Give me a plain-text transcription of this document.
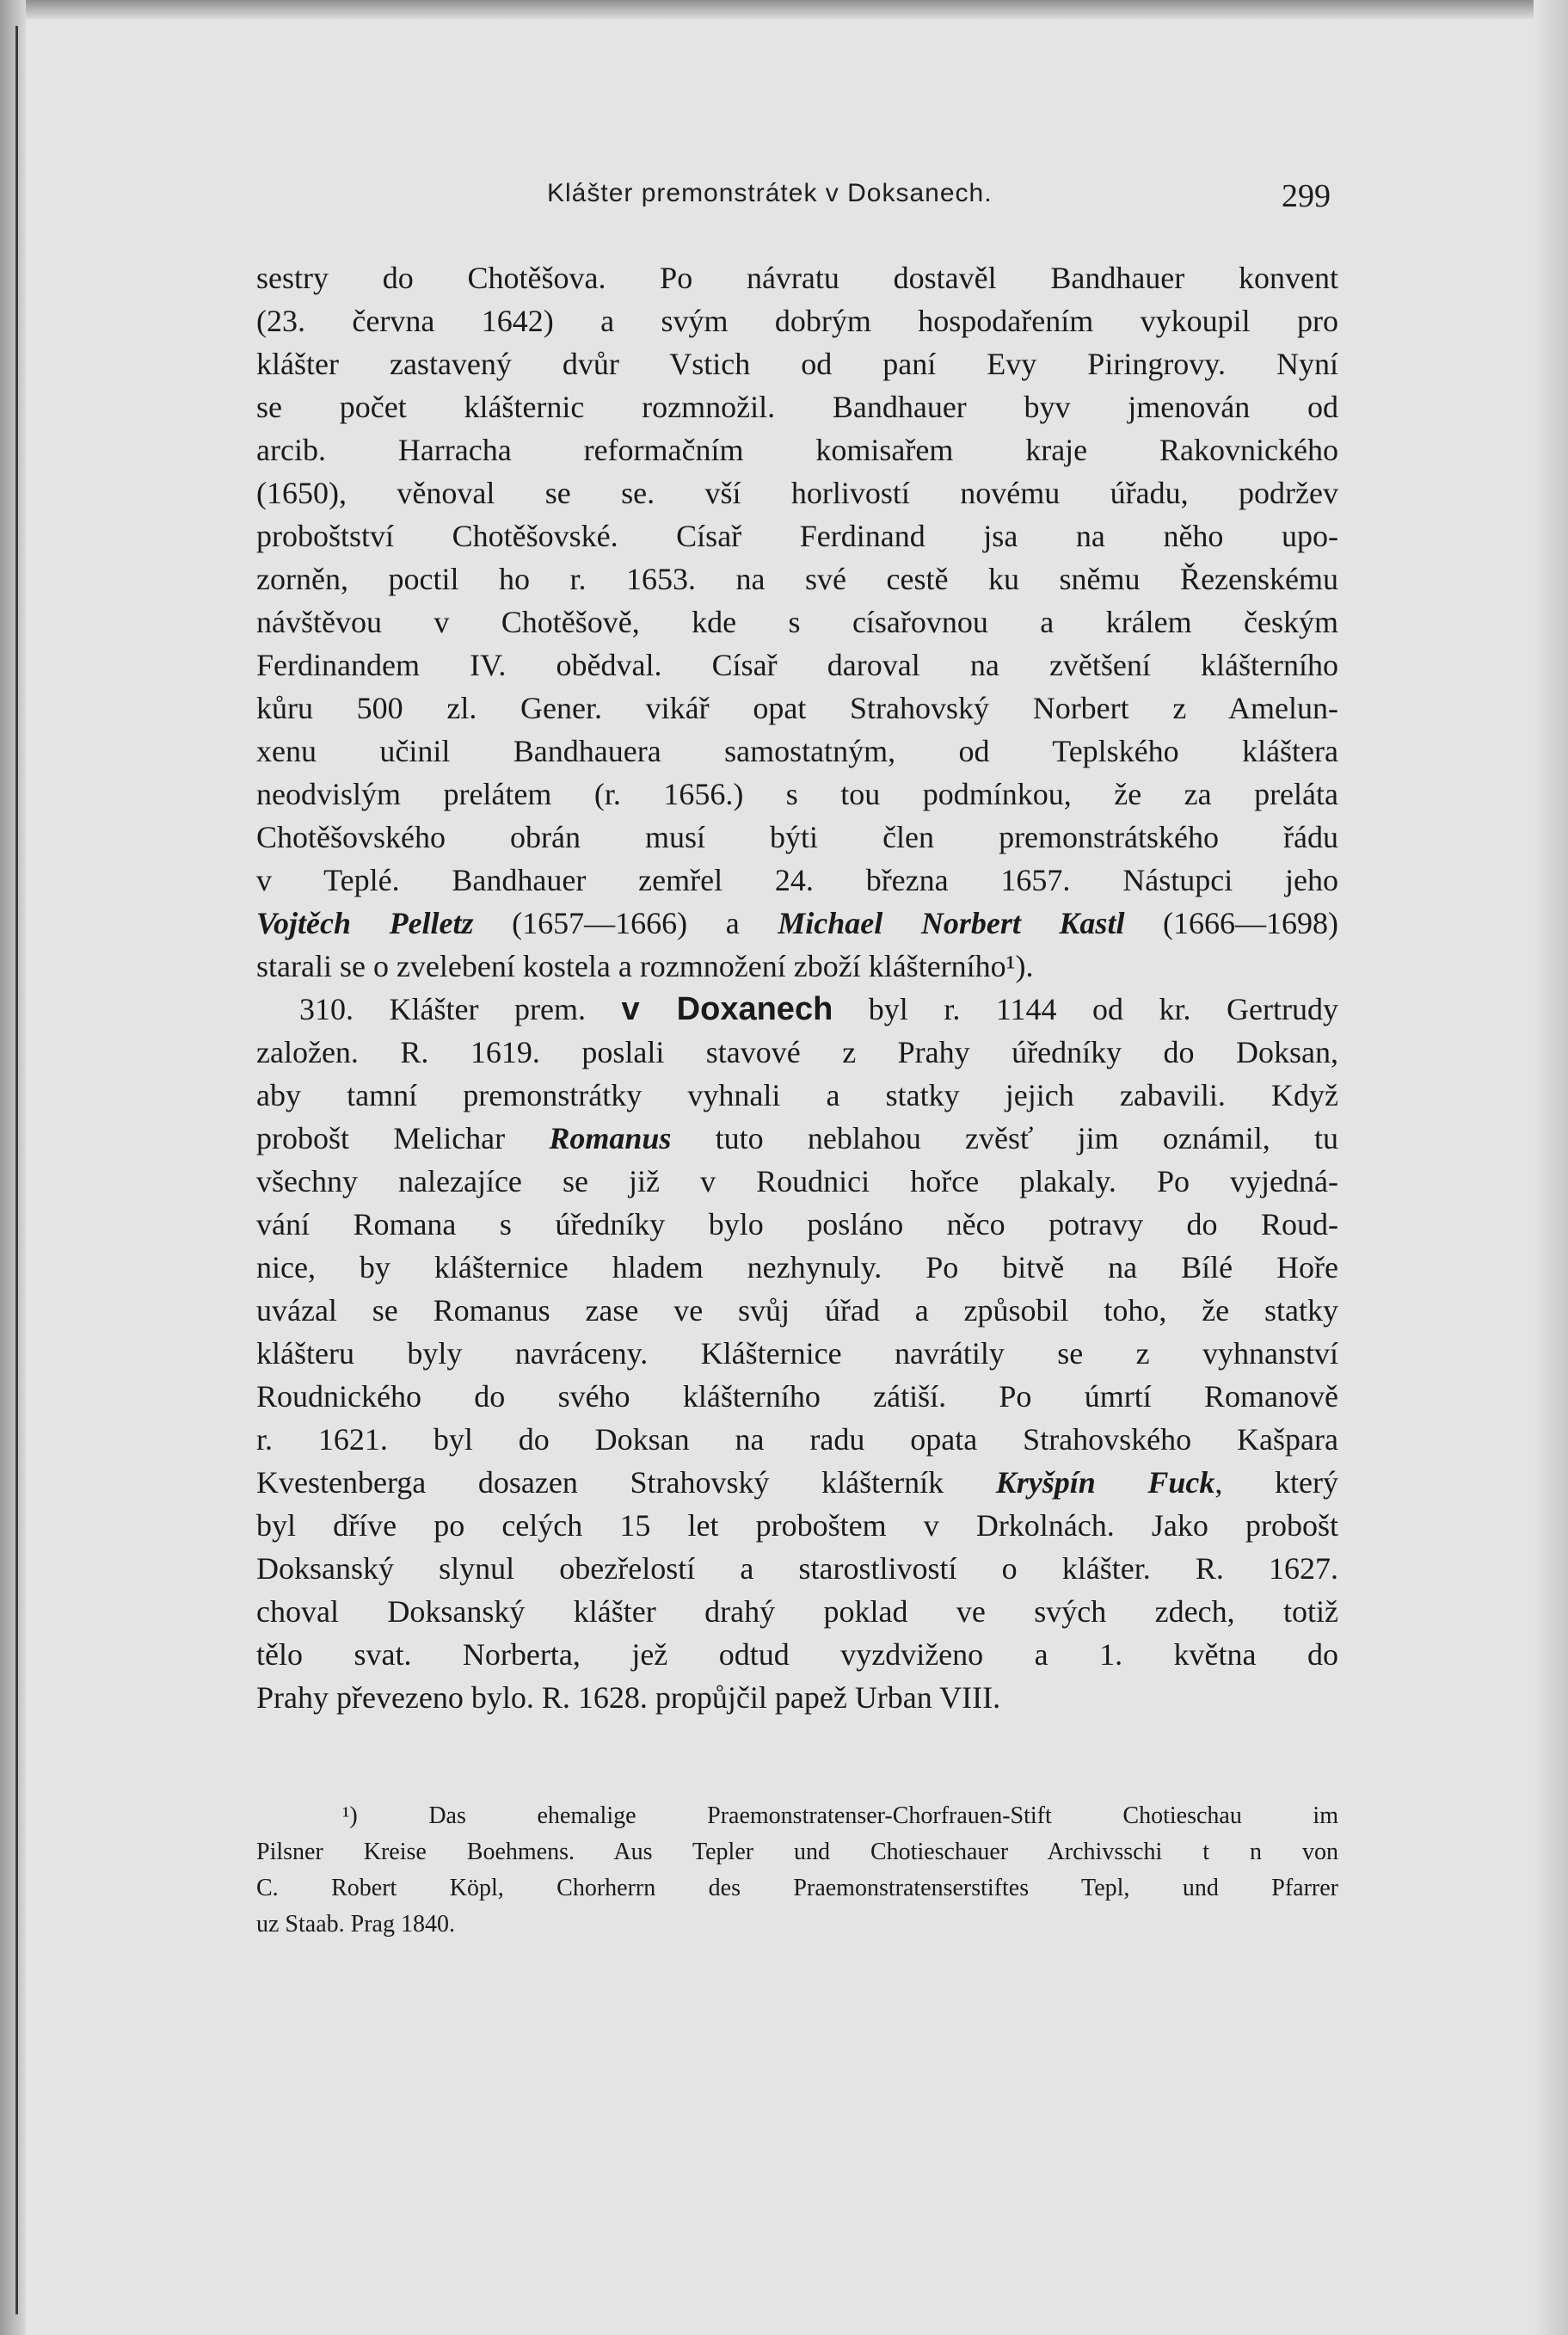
Klášter premonstrátek v Doksanech.	299
sestry do Chotěšova. Po návratu dostavěl Bandhauer konvent
(23. června 1642) a svým dobrým hospodařením vykoupil pro
klášter zastavený dvůr Vstich od paní Evy Piringrovy. Nyní
se počet klášternic rozmnožil. Bandhauer byv jmenován od
arcib. Harracha reformačním komisařem kraje Rakovnického
(1650), věnoval se se. vší horlivostí novému úřadu, podržev
proboštství Chotěšovské. Císař Ferdinand jsa na něho upo-
zorněn, poctil ho r. 1653. na své cestě ku sněmu Řezenskému
návštěvou v Chotěšově, kde s císařovnou a králem českým
Ferdinandem IV. obědval. Císař daroval na zvětšení klášterního
kůru 500 zl. Gener. vikář opat Strahovský Norbert z Amelun-
xenu učinil Bandhauera samostatným, od Teplského kláštera
neodvislým prelátem (r. 1656.) s tou podmínkou, že za preláta
Chotěšovského obrán musí býti člen premonstrátského řádu
v Teplé. Bandhauer zemřel 24. března 1657. Nástupci jeho
Vojtěch Pelletz (1657—1666) a Michael Norbert Kastl (1666—1698)
starali se o zvelebení kostela a rozmnožení zboží klášterního¹).
310. Klášter prem. v Doxanech byl r. 1144 od kr. Gertrudy
založen. R. 1619. poslali stavové z Prahy úředníky do Doksan,
aby tamní premonstrátky vyhnali a statky jejich zabavili. Když
probošt Melichar Romanus tuto neblahou zvěsť jim oznámil, tu
všechny nalezajíce se již v Roudnici hořce plakaly. Po vyjedná-
vání Romana s úředníky bylo posláno něco potravy do Roud-
nice, by klášternice hladem nezhynuly. Po bitvě na Bílé Hoře
uvázal se Romanus zase ve svůj úřad a způsobil toho, že statky
klášteru byly navráceny. Klášternice navrátily se z vyhnanství
Roudnického do svého klášterního zátiší. Po úmrtí Romanově
r. 1621. byl do Doksan na radu opata Strahovského Kašpara
Kvestenberga dosazen Strahovský klášterník Kryšpín Fuck, který
byl dříve po celých 15 let proboštem v Drkolnách. Jako probošt
Doksanský slynul obezřelostí a starostlivostí o klášter. R. 1627.
choval Doksanský klášter drahý poklad ve svých zdech, totiž
tělo svat. Norberta, jež odtud vyzdviženo a 1. května do
Prahy převezeno bylo. R. 1628. propůjčil papež Urban VIII.
¹) Das ehemalige Praemonstratenser-Chorfrauen-Stift Chotieschau im
Pilsner Kreise Boehmens. Aus Tepler und Chotieschauer Archivsschi t n von
C. Robert Köpl, Chorherrn des Praemonstratenserstiftes Tepl, und Pfarrer
uz Staab. Prag 1840.
